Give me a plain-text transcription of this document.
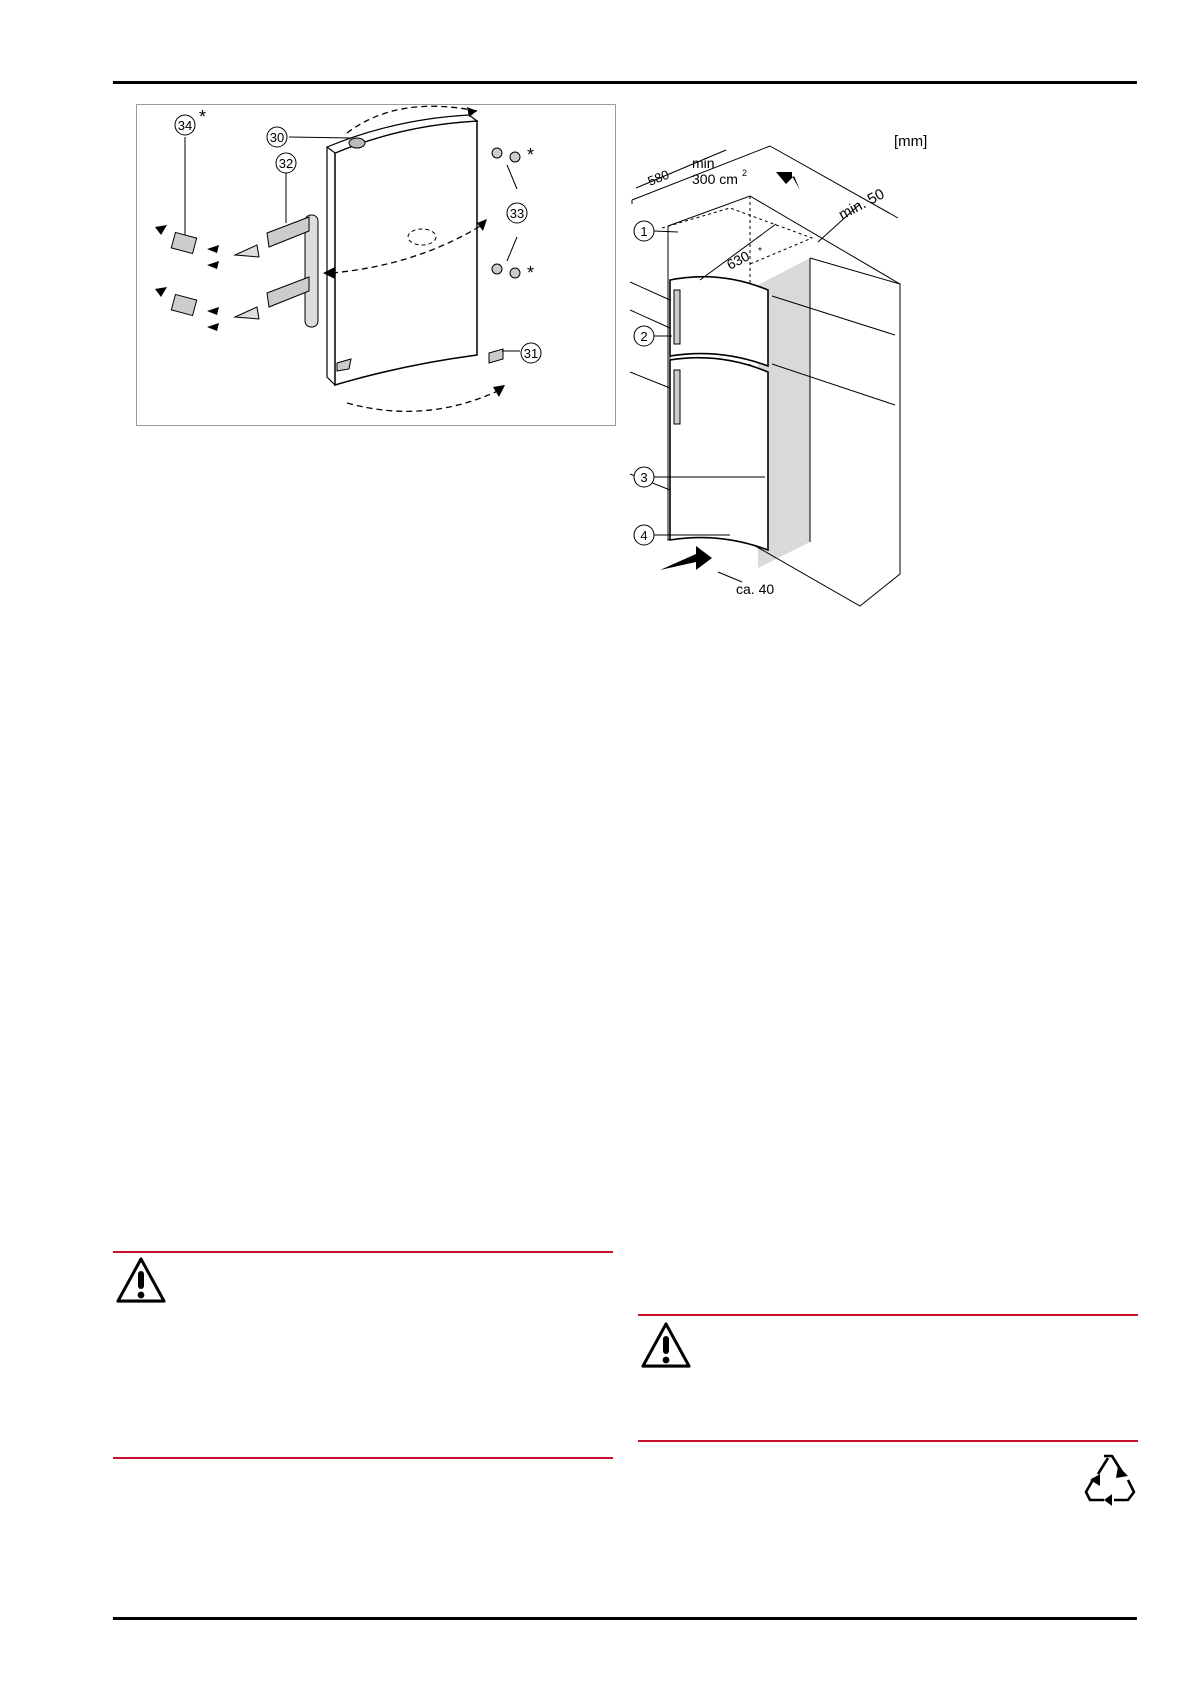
34 *
30
32
33
*
*
31
[mm]
580
min
300 cm 2
630 *
min. 50
ca. 40
1
2
3
4
